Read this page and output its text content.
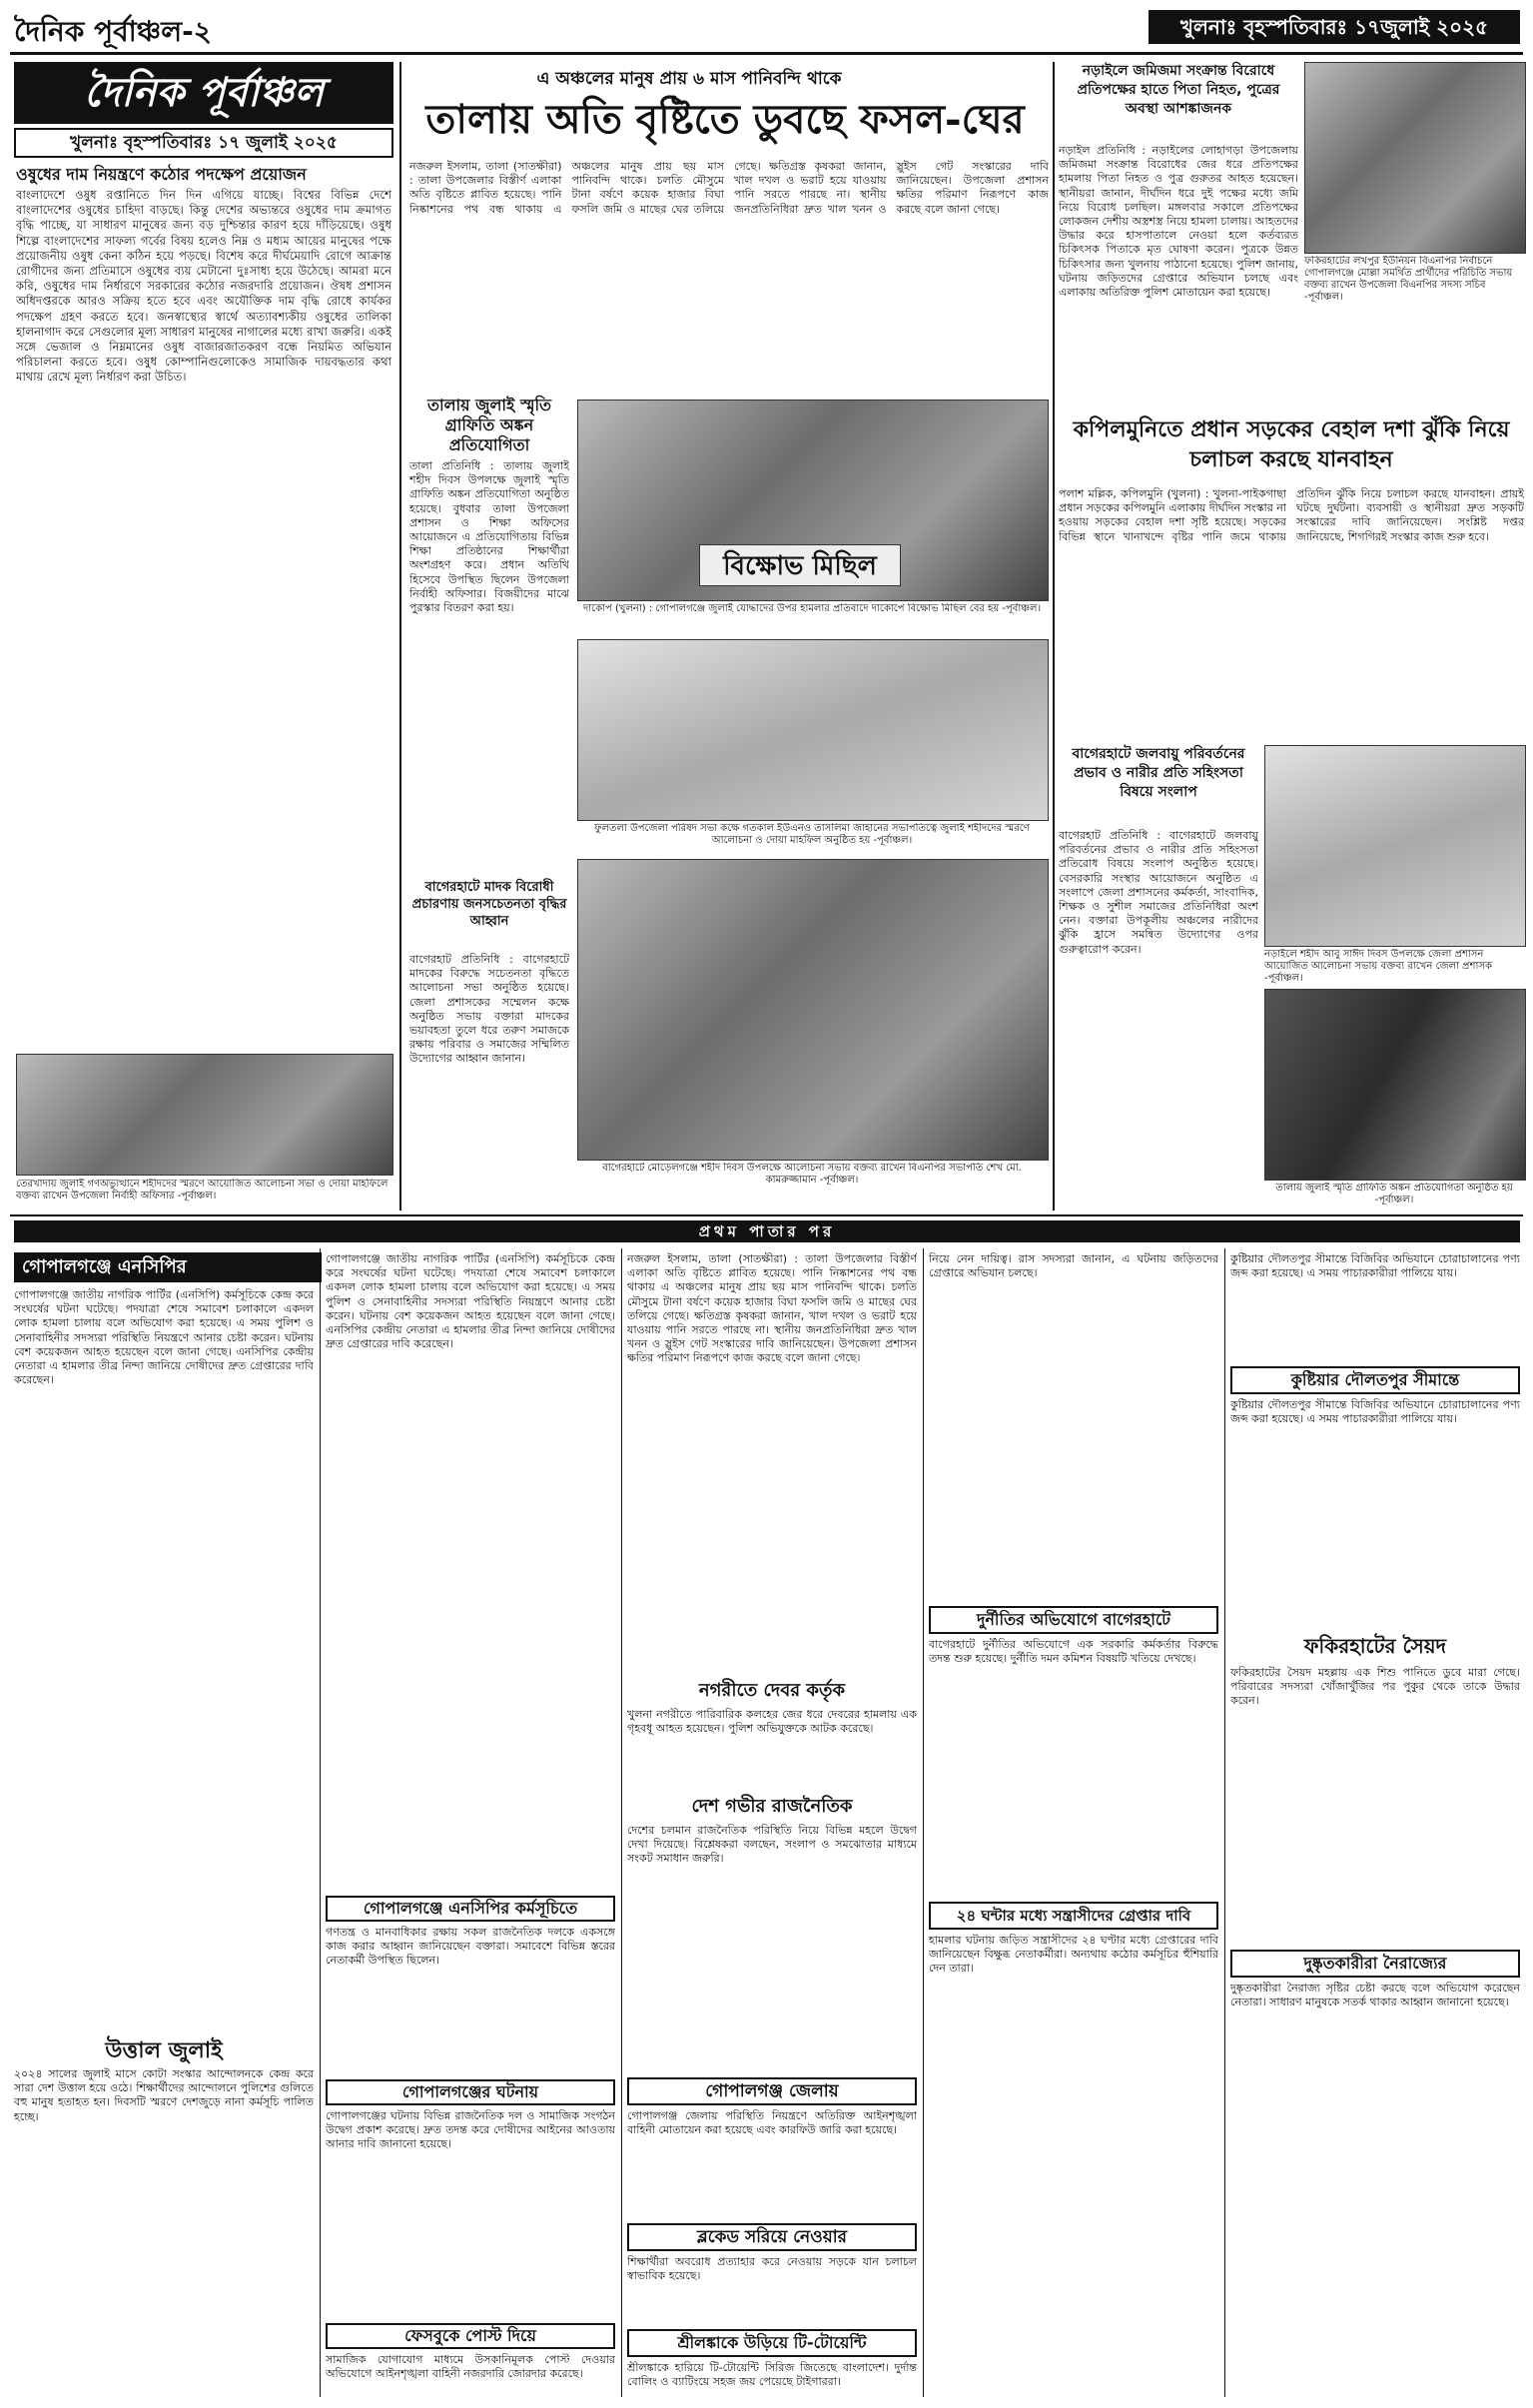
দৈনিক পূর্বাঞ্চল-২	খুলনাঃ বৃহস্পতিবারঃ ১৭জুলাই ২০২৫
দৈনিক পূর্বাঞ্চল
খুলনাঃ বৃহস্পতিবারঃ ১৭ জুলাই ২০২৫
ওষুধের দাম নিয়ন্ত্রণে কঠোর পদক্ষেপ প্রয়োজন
বাংলাদেশে ওষুধ রপ্তানিতে দিন দিন এগিয়ে যাচ্ছে। বিশ্বের বিভিন্ন দেশে বাংলাদেশের ওষুধের চাহিদা বাড়ছে। কিন্তু দেশের অভ্যন্তরে ওষুধের দাম ক্রমাগত বৃদ্ধি পাচ্ছে, যা সাধারণ মানুষের জন্য বড় দুশ্চিন্তার কারণ হয়ে দাঁড়িয়েছে। ওষুধ শিল্পে বাংলাদেশের সাফল্য গর্বের বিষয় হলেও নিম্ন ও মধ্যম আয়ের মানুষের পক্ষে প্রয়োজনীয় ওষুধ কেনা কঠিন হয়ে পড়ছে। বিশেষ করে দীর্ঘমেয়াদি রোগে আক্রান্ত রোগীদের জন্য প্রতিমাসে ওষুধের ব্যয় মেটানো দুঃসাধ্য হয়ে উঠেছে। আমরা মনে করি, ওষুধের দাম নির্ধারণে সরকারের কঠোর নজরদারি প্রয়োজন। ঔষধ প্রশাসন অধিদপ্তরকে আরও সক্রিয় হতে হবে এবং অযৌক্তিক দাম বৃদ্ধি রোধে কার্যকর পদক্ষেপ গ্রহণ করতে হবে। জনস্বাস্থ্যের স্বার্থে অত্যাবশ্যকীয় ওষুধের তালিকা হালনাগাদ করে সেগুলোর মূল্য সাধারণ মানুষের নাগালের মধ্যে রাখা জরুরি। একই সঙ্গে ভেজাল ও নিম্নমানের ওষুধ বাজারজাতকরণ বন্ধে নিয়মিত অভিযান পরিচালনা করতে হবে। ওষুধ কোম্পানিগুলোকেও সামাজিক দায়বদ্ধতার কথা মাথায় রেখে মূল্য নির্ধারণ করা উচিত।
তেরখাদায় জুলাই গণঅভ্যুত্থানে শহীদদের স্মরণে আয়োজিত আলোচনা সভা ও দোয়া মাহফিলে বক্তব্য রাখেন উপজেলা নির্বাহী অফিসার -পূর্বাঞ্চল।
এ অঞ্চলের মানুষ প্রায় ৬ মাস পানিবন্দি থাকে
তালায় অতি বৃষ্টিতে ডুবছে ফসল-ঘের
নজরুল ইসলাম, তালা (সাতক্ষীরা) : তালা উপজেলার বিস্তীর্ণ এলাকা অতি বৃষ্টিতে প্লাবিত হয়েছে। পানি নিষ্কাশনের পথ বন্ধ থাকায় এ অঞ্চলের মানুষ প্রায় ছয় মাস পানিবন্দি থাকে। চলতি মৌসুমে টানা বর্ষণে কয়েক হাজার বিঘা ফসলি জমি ও মাছের ঘের তলিয়ে গেছে। ক্ষতিগ্রস্ত কৃষকরা জানান, খাল দখল ও ভরাট হয়ে যাওয়ায় পানি সরতে পারছে না। স্থানীয় জনপ্রতিনিধিরা দ্রুত খাল খনন ও স্লুইস গেট সংস্কারের দাবি জানিয়েছেন। উপজেলা প্রশাসন ক্ষতির পরিমাণ নিরূপণে কাজ করছে বলে জানা গেছে।
তালায় জুলাই স্মৃতি গ্রাফিতি অঙ্কন প্রতিযোগিতা
তালা প্রতিনিধি : তালায় জুলাই শহীদ দিবস উপলক্ষে জুলাই স্মৃতি গ্রাফিতি অঙ্কন প্রতিযোগিতা অনুষ্ঠিত হয়েছে। বুধবার তালা উপজেলা প্রশাসন ও শিক্ষা অফিসের আয়োজনে এ প্রতিযোগিতায় বিভিন্ন শিক্ষা প্রতিষ্ঠানের শিক্ষার্থীরা অংশগ্রহণ করে। প্রধান অতিথি হিসেবে উপস্থিত ছিলেন উপজেলা নির্বাহী অফিসার। বিজয়ীদের মাঝে পুরস্কার বিতরণ করা হয়।
বিক্ষোভ মিছিল
দাকোপ (খুলনা) : গোপালগঞ্জে জুলাই যোদ্ধাদের উপর হামলার প্রতিবাদে দাকোপে বিক্ষোভ মিছিল বের হয় -পূর্বাঞ্চল।
বাগেরহাটে মাদক বিরোধী প্রচারণায় জনসচেতনতা বৃদ্ধির আহ্বান
বাগেরহাট প্রতিনিধি : বাগেরহাটে মাদকের বিরুদ্ধে সচেতনতা বৃদ্ধিতে আলোচনা সভা অনুষ্ঠিত হয়েছে। জেলা প্রশাসকের সম্মেলন কক্ষে অনুষ্ঠিত সভায় বক্তারা মাদকের ভয়াবহতা তুলে ধরে তরুণ সমাজকে রক্ষায় পরিবার ও সমাজের সম্মিলিত উদ্যোগের আহ্বান জানান।
ফুলতলা উপজেলা পরিষদ সভা কক্ষে গতকাল ইউএনও তাসলিমা জাহানের সভাপতিত্বে জুলাই শহীদদের স্মরণে আলোচনা ও দোয়া মাহফিল অনুষ্ঠিত হয় -পূর্বাঞ্চল।
বাগেরহাটে মোড়েলগঞ্জে শহীদ দিবস উপলক্ষে আলোচনা সভায় বক্তব্য রাখেন বিএনপির সভাপতি শেখ মো. কামরুজ্জামান -পূর্বাঞ্চল।
নড়াইলে জমিজমা সংক্রান্ত বিরোধে প্রতিপক্ষের হাতে পিতা নিহত, পুত্রের অবস্থা আশঙ্কাজনক
নড়াইল প্রতিনিধি : নড়াইলের লোহাগড়া উপজেলায় জমিজমা সংক্রান্ত বিরোধের জের ধরে প্রতিপক্ষের হামলায় পিতা নিহত ও পুত্র গুরুতর আহত হয়েছেন। স্থানীয়রা জানান, দীর্ঘদিন ধরে দুই পক্ষের মধ্যে জমি নিয়ে বিরোধ চলছিল। মঙ্গলবার সকালে প্রতিপক্ষের লোকজন দেশীয় অস্ত্রশস্ত্র নিয়ে হামলা চালায়। আহতদের উদ্ধার করে হাসপাতালে নেওয়া হলে কর্তব্যরত চিকিৎসক পিতাকে মৃত ঘোষণা করেন। পুত্রকে উন্নত চিকিৎসার জন্য খুলনায় পাঠানো হয়েছে। পুলিশ জানায়, ঘটনায় জড়িতদের গ্রেপ্তারে অভিযান চলছে এবং এলাকায় অতিরিক্ত পুলিশ মোতায়েন করা হয়েছে।
ফকিরহাটের লখপুর ইউনিয়ন বিএনপির নির্বাচনে গোপালগঞ্জে মোল্লা সমর্থিত প্রার্থীদের পরিচিতি সভায় বক্তব্য রাখেন উপজেলা বিএনপির সদস্য সচিব -পূর্বাঞ্চল।
কপিলমুনিতে প্রধান সড়কের বেহাল দশা ঝুঁকি নিয়ে চলাচল করছে যানবাহন
পলাশ মল্লিক, কপিলমুনি (খুলনা) : খুলনা-পাইকগাছা প্রধান সড়কের কপিলমুনি এলাকায় দীর্ঘদিন সংস্কার না হওয়ায় সড়কের বেহাল দশা সৃষ্টি হয়েছে। সড়কের বিভিন্ন স্থানে খানাখন্দে বৃষ্টির পানি জমে থাকায় প্রতিদিন ঝুঁকি নিয়ে চলাচল করছে যানবাহন। প্রায়ই ঘটছে দুর্ঘটনা। ব্যবসায়ী ও স্থানীয়রা দ্রুত সড়কটি সংস্কারের দাবি জানিয়েছেন। সংশ্লিষ্ট দপ্তর জানিয়েছে, শিগগিরই সংস্কার কাজ শুরু হবে।
বাগেরহাটে জলবায়ু পরিবর্তনের প্রভাব ও নারীর প্রতি সহিংসতা বিষয়ে সংলাপ
বাগেরহাট প্রতিনিধি : বাগেরহাটে জলবায়ু পরিবর্তনের প্রভাব ও নারীর প্রতি সহিংসতা প্রতিরোধ বিষয়ে সংলাপ অনুষ্ঠিত হয়েছে। বেসরকারি সংস্থার আয়োজনে অনুষ্ঠিত এ সংলাপে জেলা প্রশাসনের কর্মকর্তা, সাংবাদিক, শিক্ষক ও সুশীল সমাজের প্রতিনিধিরা অংশ নেন। বক্তারা উপকূলীয় অঞ্চলের নারীদের ঝুঁকি হ্রাসে সমন্বিত উদ্যোগের ওপর গুরুত্বারোপ করেন।	নড়াইলে শহীদ আবু সাঈদ দিবস উপলক্ষে জেলা প্রশাসন আয়োজিত আলোচনা সভায় বক্তব্য রাখেন জেলা প্রশাসক -পূর্বাঞ্চল।
তালায় জুলাই স্মৃতি গ্রাফিতি অঙ্কন প্রতিযোগিতা অনুষ্ঠিত হয় -পূর্বাঞ্চল।
প্রথম পাতার পর
গোপালগঞ্জে এনসিপির
গোপালগঞ্জে জাতীয় নাগরিক পার্টির (এনসিপি) কর্মসূচিকে কেন্দ্র করে সংঘর্ষের ঘটনা ঘটেছে। পদযাত্রা শেষে সমাবেশ চলাকালে একদল লোক হামলা চালায় বলে অভিযোগ করা হয়েছে। এ সময় পুলিশ ও সেনাবাহিনীর সদস্যরা পরিস্থিতি নিয়ন্ত্রণে আনার চেষ্টা করেন। ঘটনায় বেশ কয়েকজন আহত হয়েছেন বলে জানা গেছে। এনসিপির কেন্দ্রীয় নেতারা এ হামলার তীব্র নিন্দা জানিয়ে দোষীদের দ্রুত গ্রেপ্তারের দাবি করেছেন।
উত্তাল জুলাই
২০২৪ সালের জুলাই মাসে কোটা সংস্কার আন্দোলনকে কেন্দ্র করে সারা দেশ উত্তাল হয়ে ওঠে। শিক্ষার্থীদের আন্দোলনে পুলিশের গুলিতে বহু মানুষ হতাহত হন। দিবসটি স্মরণে দেশজুড়ে নানা কর্মসূচি পালিত হচ্ছে।
গোপালগঞ্জে জাতীয় নাগরিক পার্টির (এনসিপি) কর্মসূচিকে কেন্দ্র করে সংঘর্ষের ঘটনা ঘটেছে। পদযাত্রা শেষে সমাবেশ চলাকালে একদল লোক হামলা চালায় বলে অভিযোগ করা হয়েছে। এ সময় পুলিশ ও সেনাবাহিনীর সদস্যরা পরিস্থিতি নিয়ন্ত্রণে আনার চেষ্টা করেন। ঘটনায় বেশ কয়েকজন আহত হয়েছেন বলে জানা গেছে। এনসিপির কেন্দ্রীয় নেতারা এ হামলার তীব্র নিন্দা জানিয়ে দোষীদের দ্রুত গ্রেপ্তারের দাবি করেছেন।
গোপালগঞ্জে এনসিপির কর্মসূচিতে
গণতন্ত্র ও মানবাধিকার রক্ষায় সকল রাজনৈতিক দলকে একসঙ্গে কাজ করার আহ্বান জানিয়েছেন বক্তারা। সমাবেশে বিভিন্ন স্তরের নেতাকর্মী উপস্থিত ছিলেন।
গোপালগঞ্জের ঘটনায়
গোপালগঞ্জের ঘটনায় বিভিন্ন রাজনৈতিক দল ও সামাজিক সংগঠন উদ্বেগ প্রকাশ করেছে। দ্রুত তদন্ত করে দোষীদের আইনের আওতায় আনার দাবি জানানো হয়েছে।
ফেসবুকে পোস্ট দিয়ে
সামাজিক যোগাযোগ মাধ্যমে উসকানিমূলক পোস্ট দেওয়ার অভিযোগে আইনশৃঙ্খলা বাহিনী নজরদারি জোরদার করেছে।
নজরুল ইসলাম, তালা (সাতক্ষীরা) : তালা উপজেলার বিস্তীর্ণ এলাকা অতি বৃষ্টিতে প্লাবিত হয়েছে। পানি নিষ্কাশনের পথ বন্ধ থাকায় এ অঞ্চলের মানুষ প্রায় ছয় মাস পানিবন্দি থাকে। চলতি মৌসুমে টানা বর্ষণে কয়েক হাজার বিঘা ফসলি জমি ও মাছের ঘের তলিয়ে গেছে। ক্ষতিগ্রস্ত কৃষকরা জানান, খাল দখল ও ভরাট হয়ে যাওয়ায় পানি সরতে পারছে না। স্থানীয় জনপ্রতিনিধিরা দ্রুত খাল খনন ও স্লুইস গেট সংস্কারের দাবি জানিয়েছেন। উপজেলা প্রশাসন ক্ষতির পরিমাণ নিরূপণে কাজ করছে বলে জানা গেছে।
নগরীতে দেবর কর্তৃক
খুলনা নগরীতে পারিবারিক কলহের জের ধরে দেবরের হামলায় এক গৃহবধূ আহত হয়েছেন। পুলিশ অভিযুক্তকে আটক করেছে।
দেশ গভীর রাজনৈতিক
দেশের চলমান রাজনৈতিক পরিস্থিতি নিয়ে বিভিন্ন মহলে উদ্বেগ দেখা দিয়েছে। বিশ্লেষকরা বলছেন, সংলাপ ও সমঝোতার মাধ্যমে সংকট সমাধান জরুরি।
গোপালগঞ্জ জেলায়
গোপালগঞ্জ জেলায় পরিস্থিতি নিয়ন্ত্রণে অতিরিক্ত আইনশৃঙ্খলা বাহিনী মোতায়েন করা হয়েছে এবং কারফিউ জারি করা হয়েছে।
ব্লকেড সরিয়ে নেওয়ার
শিক্ষার্থীরা অবরোধ প্রত্যাহার করে নেওয়ায় সড়কে যান চলাচল স্বাভাবিক হয়েছে।
শ্রীলঙ্কাকে উড়িয়ে টি-টোয়েন্টি
শ্রীলঙ্কাকে হারিয়ে টি-টোয়েন্টি সিরিজ জিতেছে বাংলাদেশ। দুর্দান্ত বোলিং ও ব্যাটিংয়ে সহজ জয় পেয়েছে টাইগাররা।
নিয়ে নেন দায়িত্ব। রাস সদস্যরা জানান, এ ঘটনায় জড়িতদের গ্রেপ্তারে অভিযান চলছে।
দুর্নীতির অভিযোগে বাগেরহাটে
বাগেরহাটে দুর্নীতির অভিযোগে এক সরকারি কর্মকর্তার বিরুদ্ধে তদন্ত শুরু হয়েছে। দুর্নীতি দমন কমিশন বিষয়টি খতিয়ে দেখছে।
২৪ ঘন্টার মধ্যে সন্ত্রাসীদের গ্রেপ্তার দাবি
হামলার ঘটনায় জড়িত সন্ত্রাসীদের ২৪ ঘণ্টার মধ্যে গ্রেপ্তারের দাবি জানিয়েছেন বিক্ষুব্ধ নেতাকর্মীরা। অন্যথায় কঠোর কর্মসূচির হুঁশিয়ারি দেন তারা।
কুষ্টিয়ার দৌলতপুর সীমান্তে বিজিবির অভিযানে চোরাচালানের পণ্য জব্দ করা হয়েছে। এ সময় পাচারকারীরা পালিয়ে যায়।
কুষ্টিয়ার দৌলতপুর সীমান্তে
কুষ্টিয়ার দৌলতপুর সীমান্তে বিজিবির অভিযানে চোরাচালানের পণ্য জব্দ করা হয়েছে। এ সময় পাচারকারীরা পালিয়ে যায়।
ফকিরহাটের সৈয়দ
ফকিরহাটের সৈয়দ মহল্লায় এক শিশু পানিতে ডুবে মারা গেছে। পরিবারের সদস্যরা খোঁজাখুঁজির পর পুকুর থেকে তাকে উদ্ধার করেন।
দুষ্কৃতকারীরা নৈরাজ্যের
দুষ্কৃতকারীরা নৈরাজ্য সৃষ্টির চেষ্টা করছে বলে অভিযোগ করেছেন নেতারা। সাধারণ মানুষকে সতর্ক থাকার আহ্বান জানানো হয়েছে।
